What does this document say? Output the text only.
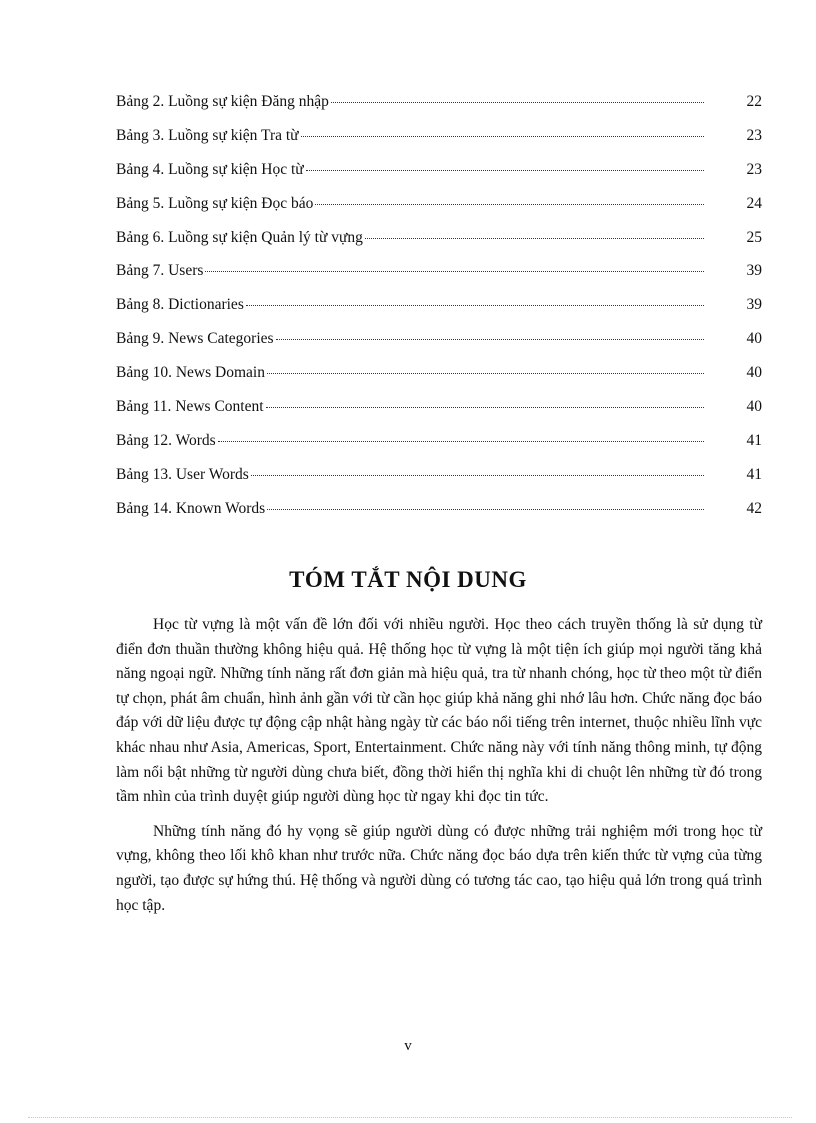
Bảng 2. Luồng sự kiện Đăng nhập	22
Bảng 3. Luồng sự kiện Tra từ	23
Bảng 4. Luồng sự kiện Học từ	23
Bảng 5. Luồng sự kiện Đọc báo	24
Bảng 6. Luồng sự kiện Quản lý từ vựng	25
Bảng 7. Users	39
Bảng 8. Dictionaries	39
Bảng 9. News Categories	40
Bảng 10. News Domain	40
Bảng 11. News Content	40
Bảng 12. Words	41
Bảng 13. User Words	41
Bảng 14. Known Words	42
TÓM TẮT NỘI DUNG

Học từ vựng là một vấn đề lớn đối với nhiều người. Học theo cách truyền thống là sử dụng từ điển đơn thuần thường không hiệu quả. Hệ thống học từ vựng là một tiện ích giúp mọi người tăng khả năng ngoại ngữ. Những tính năng rất đơn giản mà hiệu quả, tra từ nhanh chóng, học từ theo một từ điển tự chọn, phát âm chuẩn, hình ảnh gần với từ cần học giúp khả năng ghi nhớ lâu hơn. Chức năng đọc báo đáp với dữ liệu được tự động cập nhật hàng ngày từ các báo nổi tiếng trên internet, thuộc nhiều lĩnh vực khác nhau như Asia, Americas, Sport, Entertainment. Chức năng này với tính năng thông minh, tự động làm nổi bật những từ người dùng chưa biết, đồng thời hiển thị nghĩa khi di chuột lên những từ đó trong tầm nhìn của trình duyệt giúp người dùng học từ ngay khi đọc tin tức.

Những tính năng đó hy vọng sẽ giúp người dùng có được những trải nghiệm mới trong học từ vựng, không theo lối khô khan như trước nữa. Chức năng đọc báo dựa trên kiến thức từ vựng của từng người, tạo được sự hứng thú. Hệ thống và người dùng có tương tác cao, tạo hiệu quả lớn trong quá trình học tập.

v
